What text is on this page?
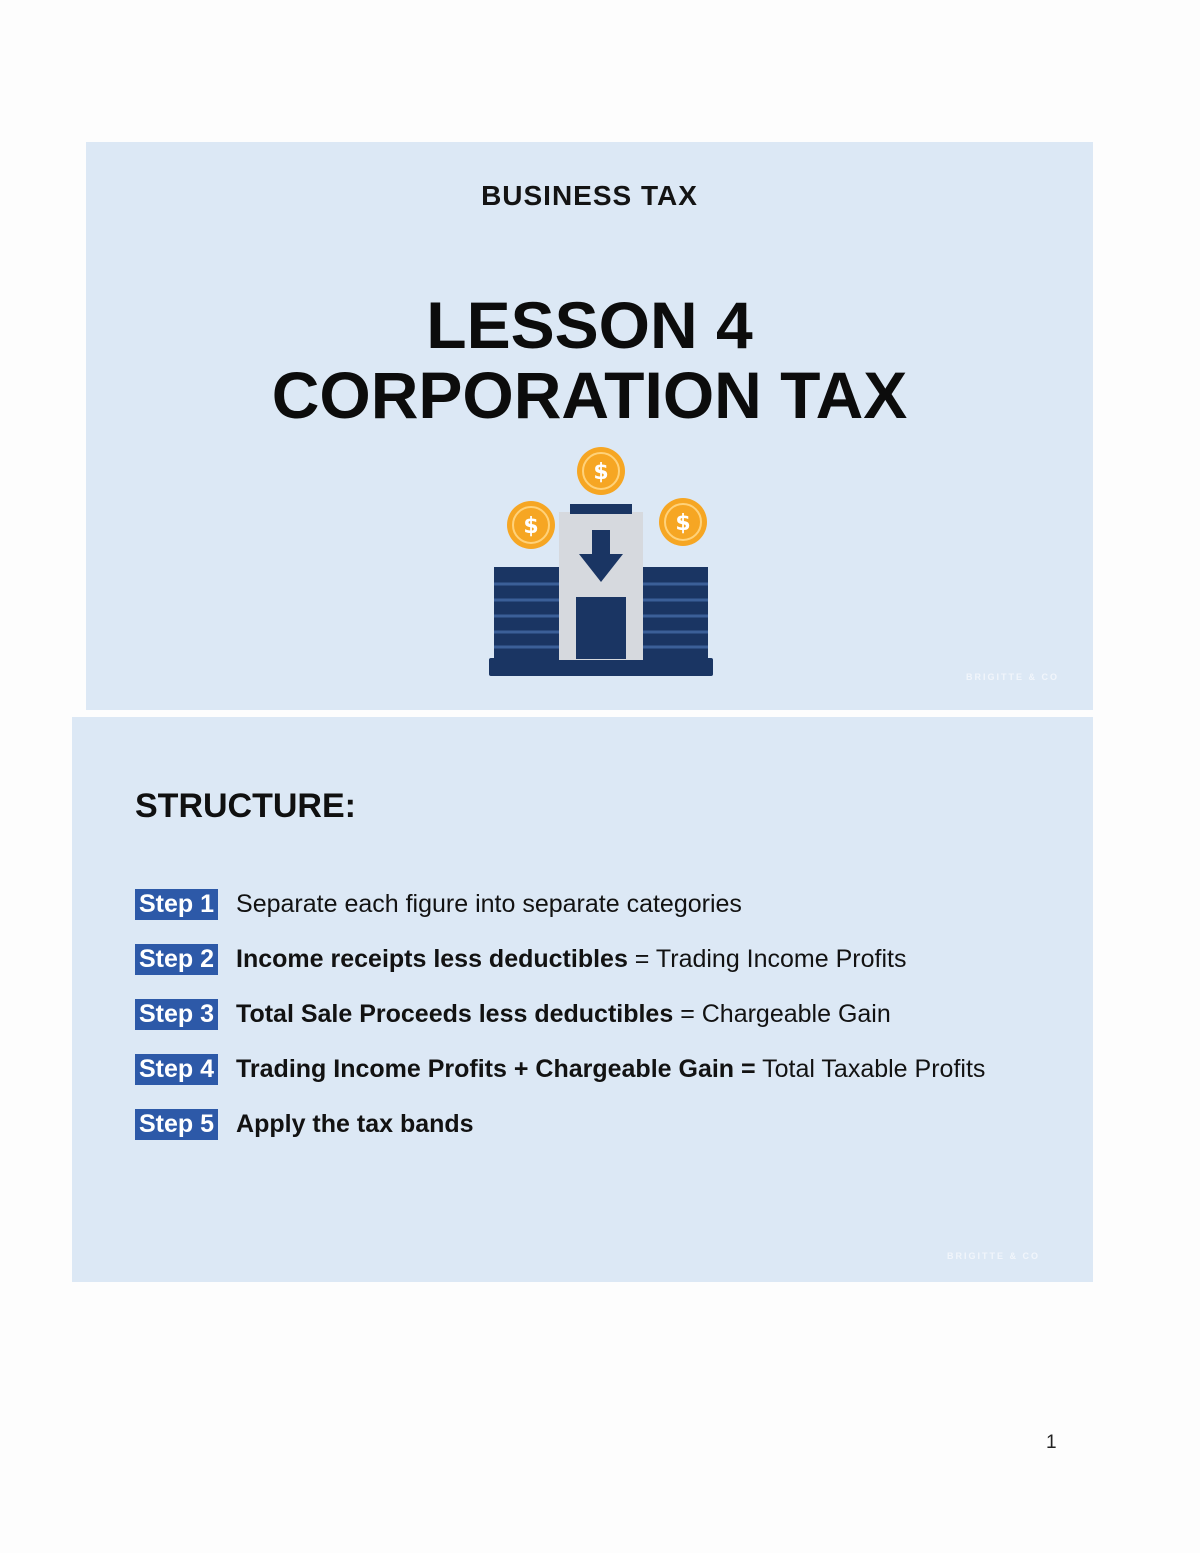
BUSINESS TAX
LESSON 4
CORPORATION TAX
$
$	$
BRIGITTE & CO
STRUCTURE:
Step 1 Separate each figure into separate categories
Step 2 Income receipts less deductibles = Trading Income Profits
Step 3 Total Sale Proceeds less deductibles = Chargeable Gain
Step 4 Trading Income Profits + Chargeable Gain = Total Taxable Profits
Step 5 Apply the tax bands
BRIGITTE & CO
1
